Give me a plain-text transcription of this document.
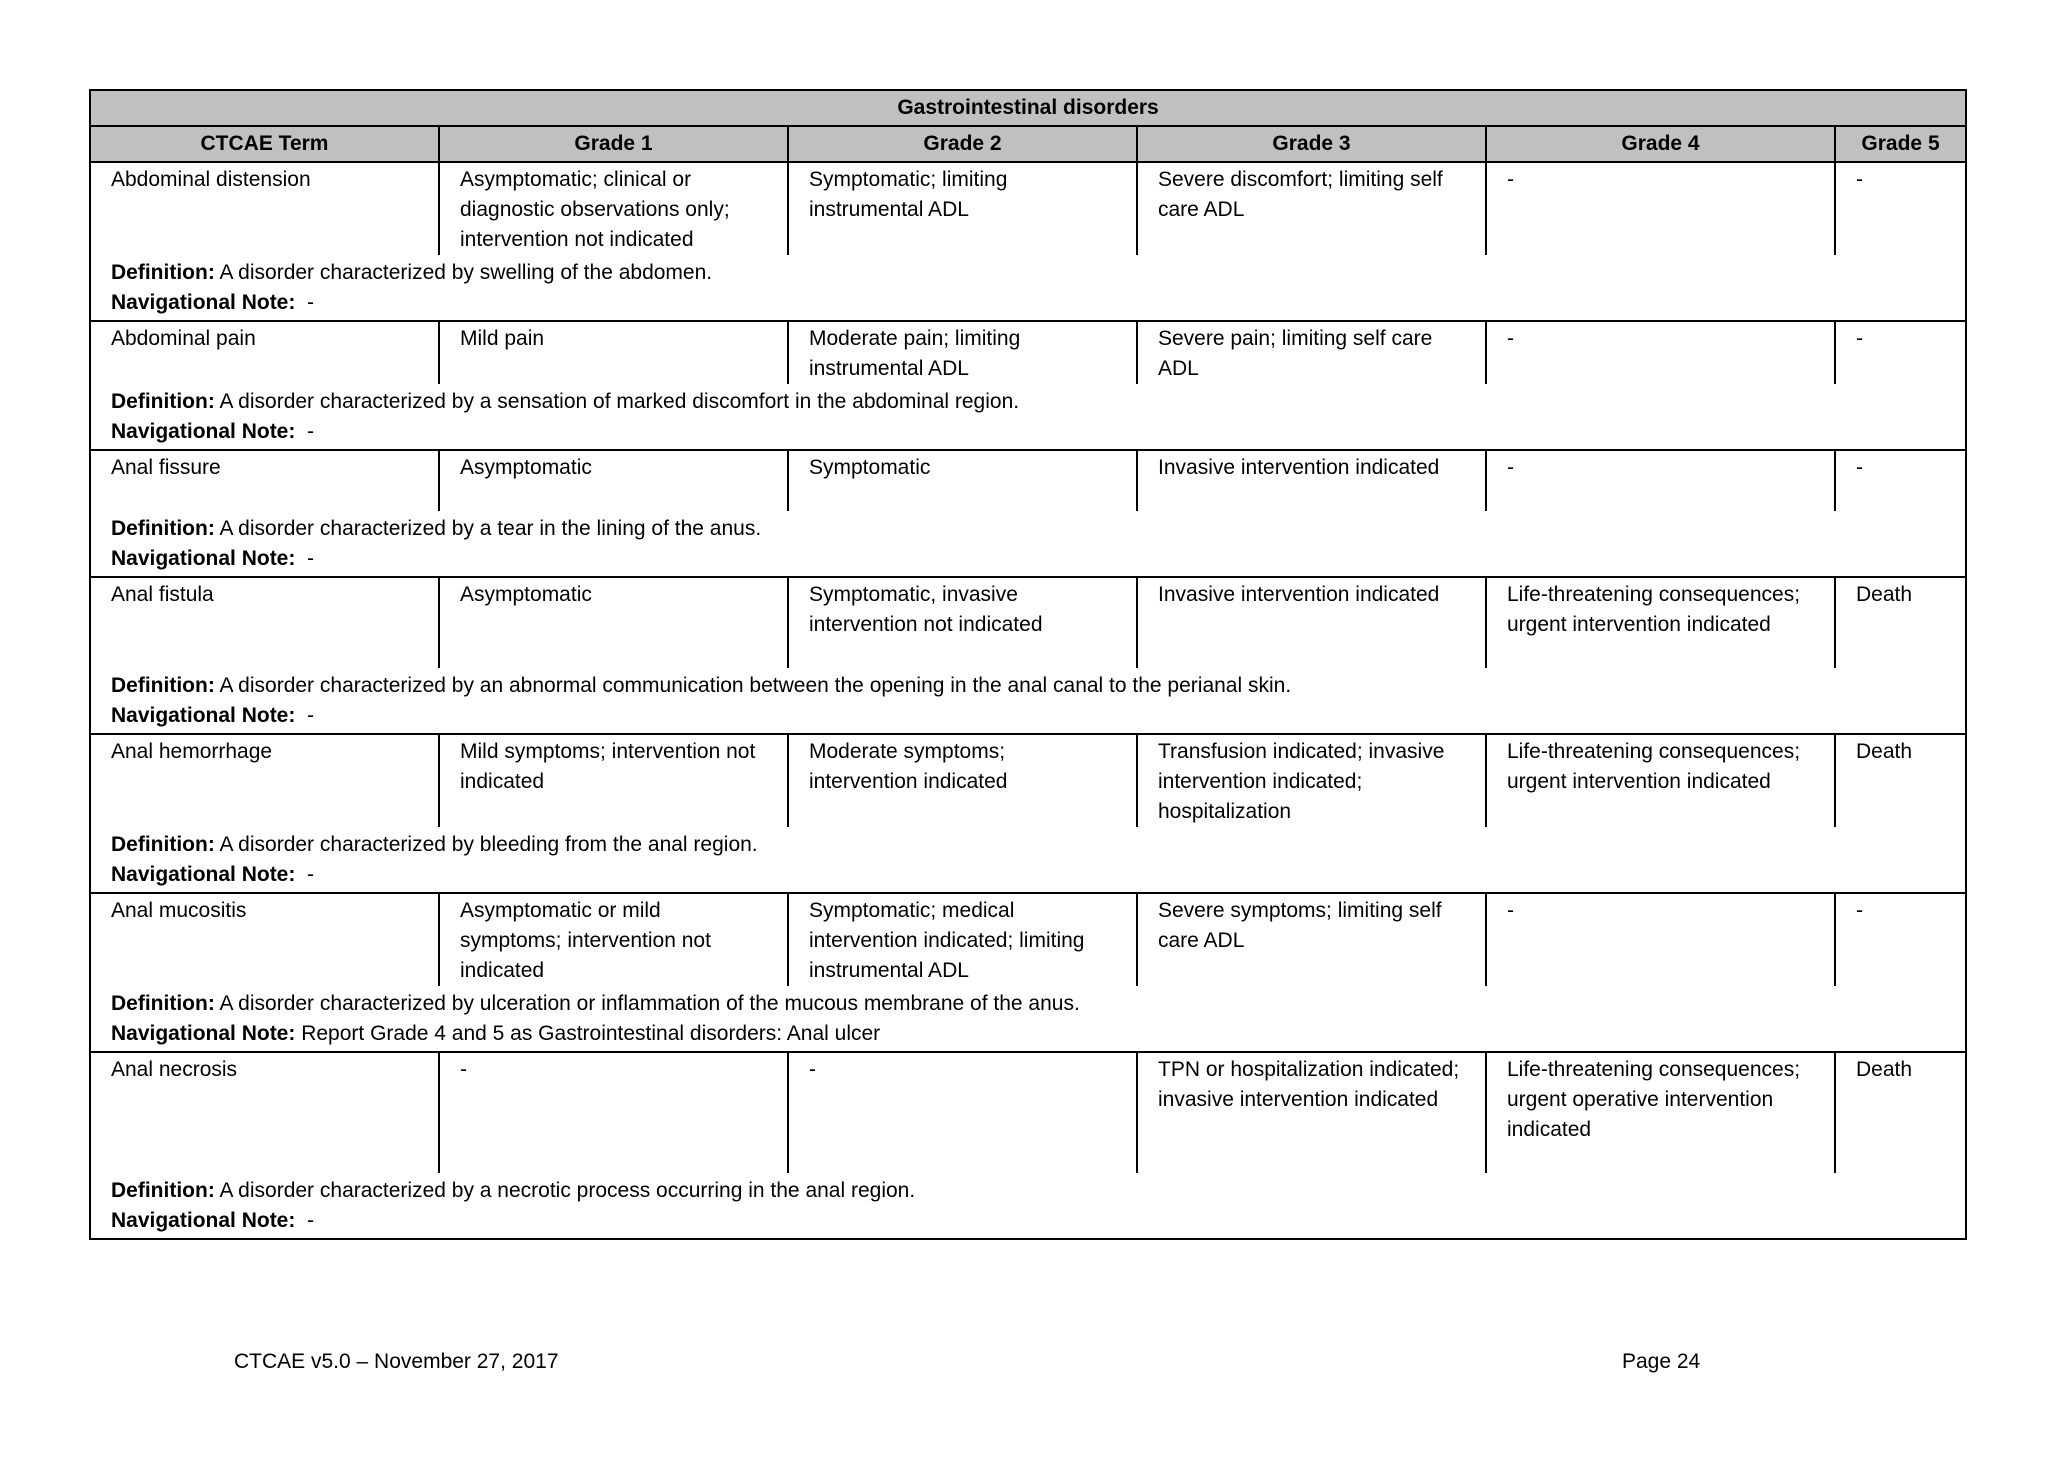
Gastrointestinal disorders					
CTCAE Term	Grade 1	Grade 2	Grade 3	Grade 4	Grade 5
Abdominal distension	Asymptomatic; clinical or diagnostic observations only; intervention not indicated	Symptomatic; limiting instrumental ADL	Severe discomfort; limiting self care ADL	-	-
Definition: A disorder characterized by swelling of the abdomen.					
Navigational Note: -					
Abdominal pain	Mild pain	Moderate pain; limiting instrumental ADL	Severe pain; limiting self care ADL	-	-
Definition: A disorder characterized by a sensation of marked discomfort in the abdominal region.					
Navigational Note: -					
Anal fissure	Asymptomatic	Symptomatic	Invasive intervention indicated	-	-
Definition: A disorder characterized by a tear in the lining of the anus.					
Navigational Note: -					
Anal fistula	Asymptomatic	Symptomatic, invasive intervention not indicated	Invasive intervention indicated	Life-threatening consequences; urgent intervention indicated	Death
Definition: A disorder characterized by an abnormal communication between the opening in the anal canal to the perianal skin.					
Navigational Note: -					
Anal hemorrhage	Mild symptoms; intervention not indicated	Moderate symptoms; intervention indicated	Transfusion indicated; invasive intervention indicated; hospitalization	Life-threatening consequences; urgent intervention indicated	Death
Definition: A disorder characterized by bleeding from the anal region.					
Navigational Note: -					
Anal mucositis	Asymptomatic or mild symptoms; intervention not indicated	Symptomatic; medical intervention indicated; limiting instrumental ADL	Severe symptoms; limiting self care ADL	-	-
Definition: A disorder characterized by ulceration or inflammation of the mucous membrane of the anus.					
Navigational Note: Report Grade 4 and 5 as Gastrointestinal disorders: Anal ulcer					
Anal necrosis	-	-	TPN or hospitalization indicated; invasive intervention indicated	Life-threatening consequences; urgent operative intervention indicated	Death
Definition: A disorder characterized by a necrotic process occurring in the anal region.					
Navigational Note: -					
CTCAE v5.0 – November 27, 2017	Page 24
